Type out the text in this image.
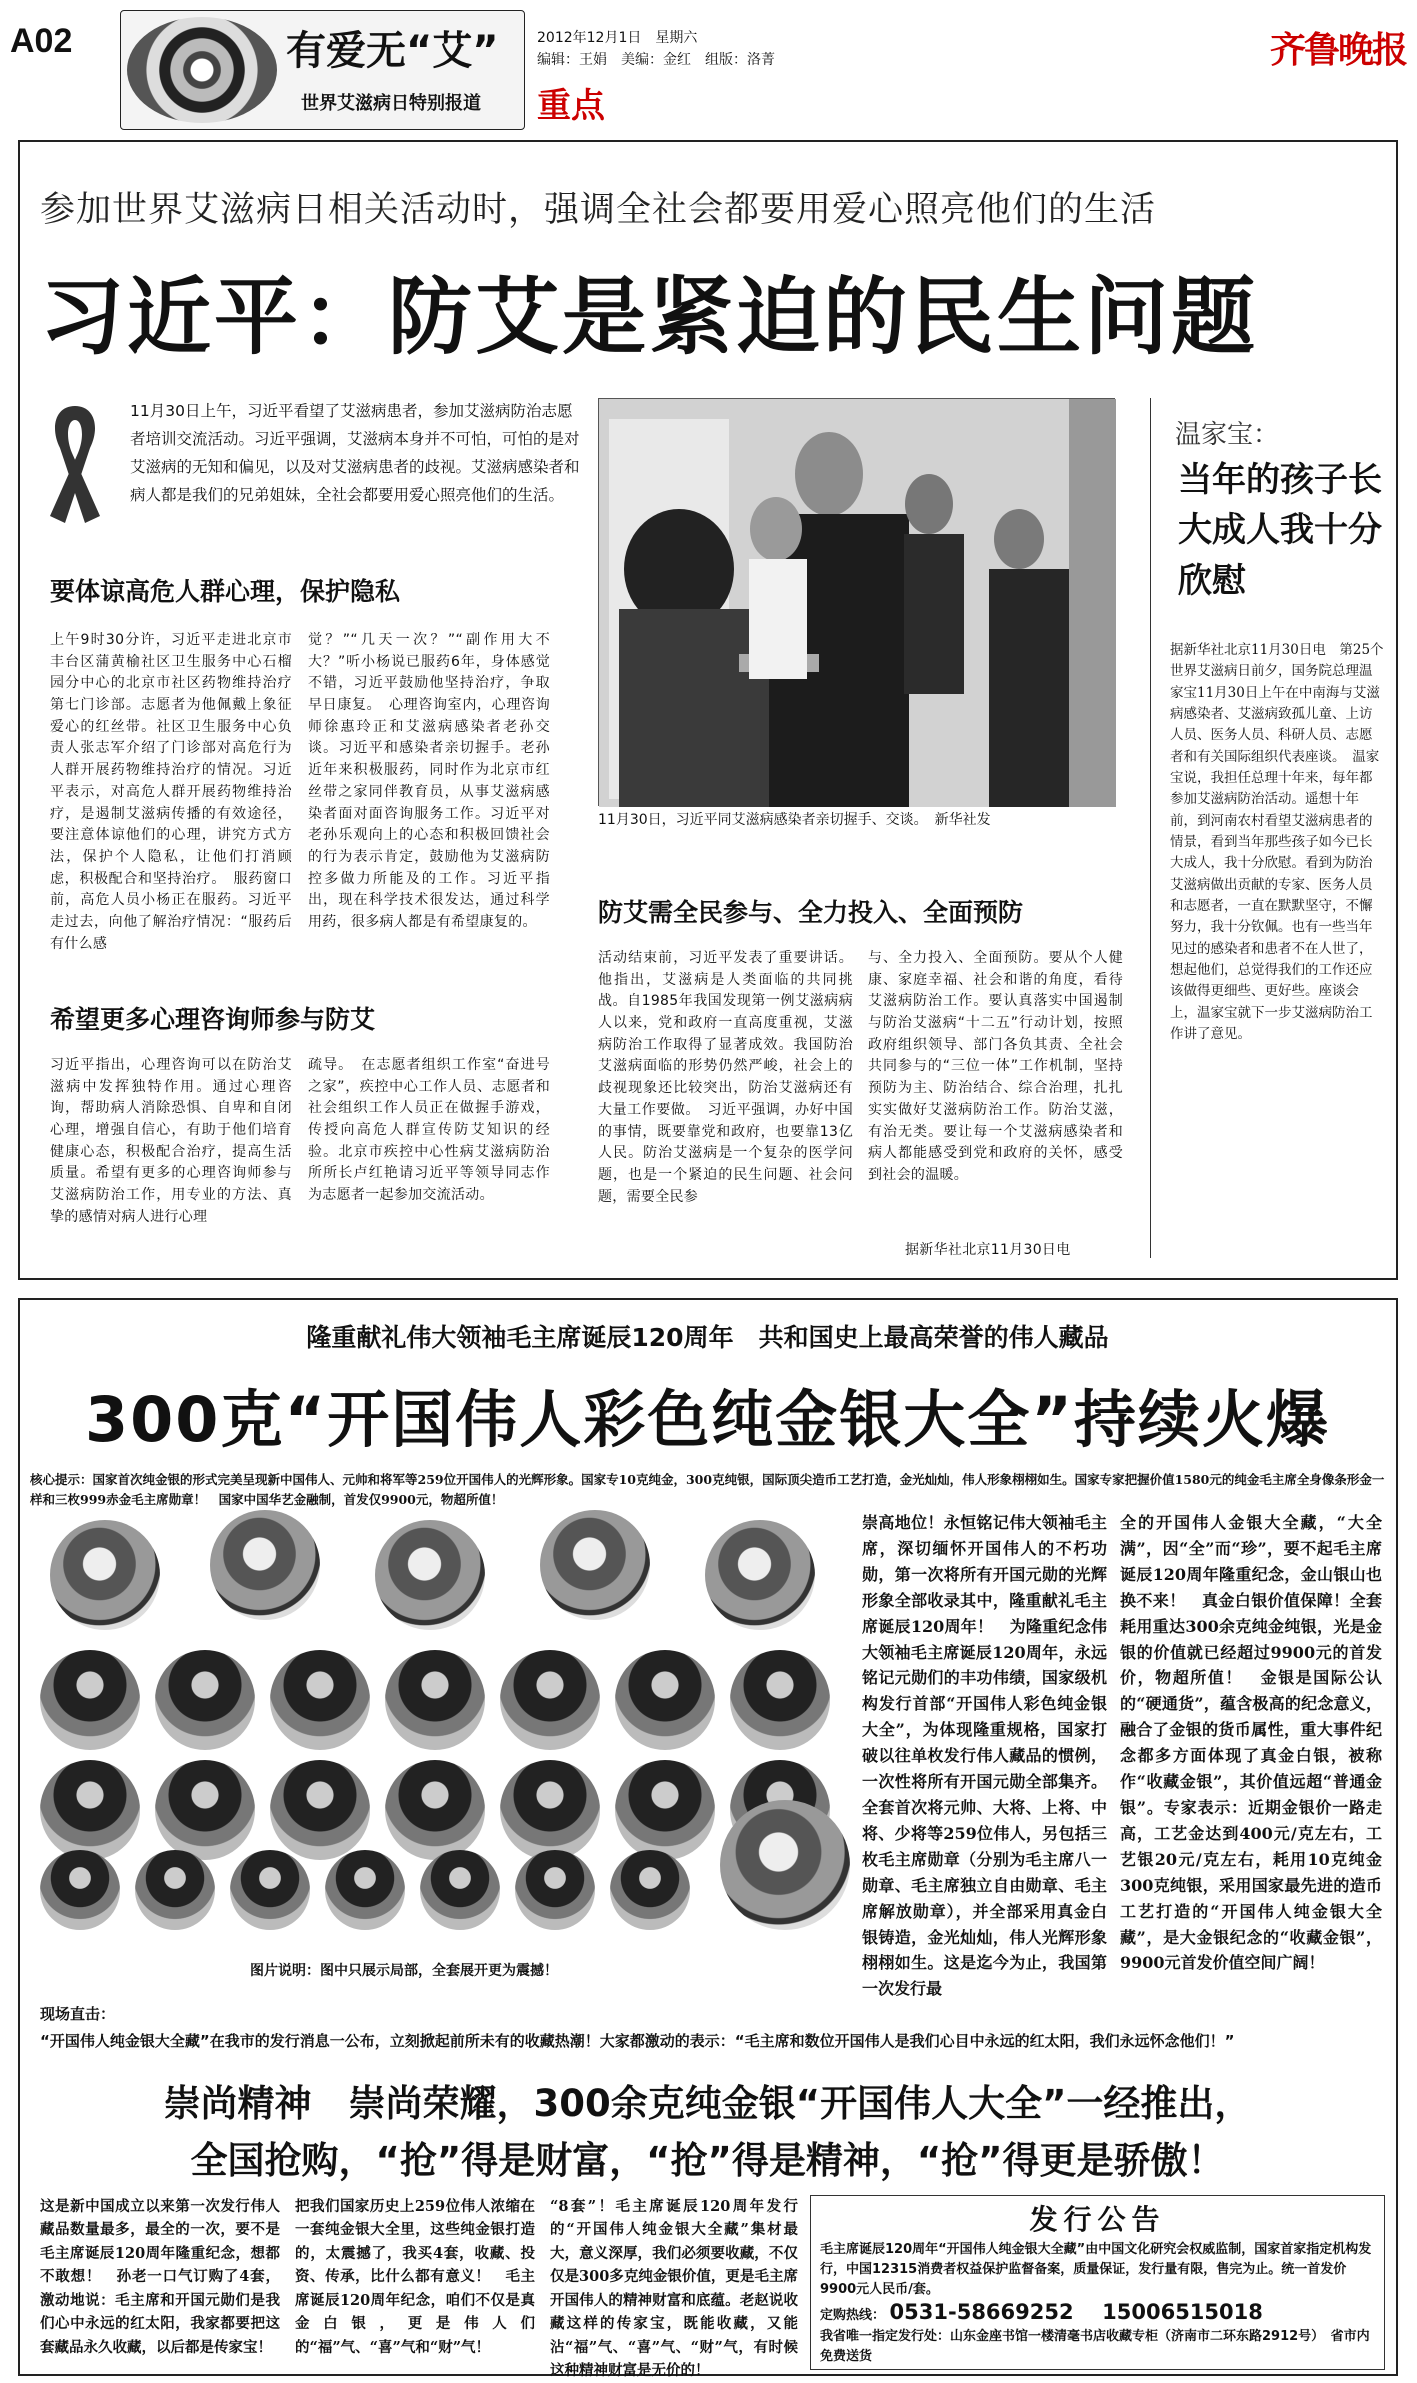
A02	有爱无“艾”
世界艾滋病日特别报道
2012年12月1日　星期六
编辑：王娟　美编：金红　组版：洛菁
重点
齐鲁晚报
参加世界艾滋病日相关活动时，强调全社会都要用爱心照亮他们的生活
习近平：防艾是紧迫的民生问题

11月30日上午，习近平看望了艾滋病患者，参加艾滋病防治志愿者培训交流活动。习近平强调，艾滋病本身并不可怕，可怕的是对艾滋病的无知和偏见，以及对艾滋病患者的歧视。艾滋病感染者和病人都是我们的兄弟姐妹，全社会都要用爱心照亮他们的生活。

要体谅高危人群心理，保护隐私

上午9时30分许，习近平走进北京市丰台区蒲黄榆社区卫生服务中心石榴园分中心的北京市社区药物维持治疗第七门诊部。志愿者为他佩戴上象征爱心的红丝带。社区卫生服务中心负责人张志军介绍了门诊部对高危行为人群开展药物维持治疗的情况。习近平表示，对高危人群开展药物维持治疗，是遏制艾滋病传播的有效途径，要注意体谅他们的心理，讲究方式方法，保护个人隐私，让他们打消顾虑，积极配合和坚持治疗。　服药窗口前，高危人员小杨正在服药。习近平走过去，向他了解治疗情况：“服药后有什么感

觉？”“几天一次？”“副作用大不大？”听小杨说已服药6年，身体感觉不错，习近平鼓励他坚持治疗，争取早日康复。　心理咨询室内，心理咨询师徐惠玲正和艾滋病感染者老孙交谈。习近平和感染者亲切握手。老孙近年来积极服药，同时作为北京市红丝带之家同伴教育员，从事艾滋病感染者面对面咨询服务工作。习近平对老孙乐观向上的心态和积极回馈社会的行为表示肯定，鼓励他为艾滋病防控多做力所能及的工作。习近平指出，现在科学技术很发达，通过科学用药，很多病人都是有希望康复的。

希望更多心理咨询师参与防艾

习近平指出，心理咨询可以在防治艾滋病中发挥独特作用。通过心理咨询，帮助病人消除恐惧、自卑和自闭心理，增强自信心，有助于他们培育健康心态，积极配合治疗，提高生活质量。希望有更多的心理咨询师参与艾滋病防治工作，用专业的方法、真挚的感情对病人进行心理

疏导。　在志愿者组织工作室“奋进号之家”，疾控中心工作人员、志愿者和社会组织工作人员正在做握手游戏，传授向高危人群宣传防艾知识的经验。北京市疾控中心性病艾滋病防治所所长卢红艳请习近平等领导同志作为志愿者一起参加交流活动。

11月30日，习近平同艾滋病感染者亲切握手、交谈。　新华社发
防艾需全民参与、全力投入、全面预防

活动结束前，习近平发表了重要讲话。他指出，艾滋病是人类面临的共同挑战。自1985年我国发现第一例艾滋病病人以来，党和政府一直高度重视，艾滋病防治工作取得了显著成效。我国防治艾滋病面临的形势仍然严峻，社会上的歧视现象还比较突出，防治艾滋病还有大量工作要做。　习近平强调，办好中国的事情，既要靠党和政府，也要靠13亿人民。防治艾滋病是一个复杂的医学问题，也是一个紧迫的民生问题、社会问题，需要全民参

与、全力投入、全面预防。要从个人健康、家庭幸福、社会和谐的角度，看待艾滋病防治工作。要认真落实中国遏制与防治艾滋病“十二五”行动计划，按照政府组织领导、部门各负其责、全社会共同参与的“三位一体”工作机制，坚持预防为主、防治结合、综合治理，扎扎实实做好艾滋病防治工作。防治艾滋，有治无类。要让每一个艾滋病感染者和病人都能感受到党和政府的关怀，感受到社会的温暖。

据新华社北京11月30日电
温家宝：
当年的孩子长大成人我十分欣慰

据新华社北京11月30日电　第25个世界艾滋病日前夕，国务院总理温家宝11月30日上午在中南海与艾滋病感染者、艾滋病致孤儿童、上访人员、医务人员、科研人员、志愿者和有关国际组织代表座谈。　温家宝说，我担任总理十年来，每年都参加艾滋病防治活动。遥想十年前，到河南农村看望艾滋病患者的情景，看到当年那些孩子如今已长大成人，我十分欣慰。看到为防治艾滋病做出贡献的专家、医务人员和志愿者，一直在默默坚守，不懈努力，我十分钦佩。也有一些当年见过的感染者和患者不在人世了，想起他们，总觉得我们的工作还应该做得更细些、更好些。座谈会上，温家宝就下一步艾滋病防治工作讲了意见。

隆重献礼伟大领袖毛主席诞辰120周年　共和国史上最高荣誉的伟人藏品
300克“开国伟人彩色纯金银大全”持续火爆

核心提示：国家首次纯金银的形式完美呈现新中国伟人、元帅和将军等259位开国伟人的光辉形象。国家专10克纯金，300克纯银，国际顶尖造币工艺打造，金光灿灿，伟人形象栩栩如生。国家专家把握价值1580元的纯金毛主席全身像条形金一样和三枚999赤金毛主席勋章！　国家中国华艺金融制，首发仅9900元，物超所值！

图片说明：图中只展示局部，全套展开更为震撼！

崇高地位！永恒铭记伟大领袖毛主席，深切缅怀开国伟人的不朽功勋，第一次将所有开国元勋的光辉形象全部收录其中，隆重献礼毛主席诞辰120周年！　为隆重纪念伟大领袖毛主席诞辰120周年，永远铭记元勋们的丰功伟绩，国家级机构发行首部“开国伟人彩色纯金银大全”，为体现隆重规格，国家打破以往单枚发行伟人藏品的惯例，一次性将所有开国元勋全部集齐。全套首次将元帅、大将、上将、中将、少将等259位伟人，另包括三枚毛主席勋章（分别为毛主席八一勋章、毛主席独立自由勋章、毛主席解放勋章），并全部采用真金白银铸造，金光灿灿，伟人光辉形象栩栩如生。这是迄今为止，我国第一次发行最

全的开国伟人金银大全藏，“大全满”，因“全”而“珍”，要不起毛主席诞辰120周年隆重纪念，金山银山也换不来！　真金白银价值保障！全套耗用重达300余克纯金纯银，光是金银的价值就已经超过9900元的首发价，物超所值！　金银是国际公认的“硬通货”，蕴含极高的纪念意义，融合了金银的货币属性，重大事件纪念都多方面体现了真金白银，被称作“收藏金银”，其价值远超“普通金银”。专家表示：近期金银价一路走高，工艺金达到400元/克左右，工艺银20元/克左右，耗用10克纯金300克纯银，采用国家最先进的造币工艺打造的“开国伟人纯金银大全藏”，是大金银纪念的“收藏金银”，9900元首发价值空间广阔！

现场直击：

“开国伟人纯金银大全藏”在我市的发行消息一公布，立刻掀起前所未有的收藏热潮！大家都激动的表示：“毛主席和数位开国伟人是我们心目中永远的红太阳，我们永远怀念他们！”

崇尚精神　崇尚荣耀，300余克纯金银“开国伟人大全”一经推出，
全国抢购，“抢”得是财富，“抢”得是精神，“抢”得更是骄傲！

这是新中国成立以来第一次发行伟人藏品数量最多，最全的一次，要不是毛主席诞辰120周年隆重纪念，想都不敢想！　孙老一口气订购了4套，激动地说：毛主席和开国元勋们是我们心中永远的红太阳，我家都要把这套藏品永久收藏，以后都是传家宝！

把我们国家历史上259位伟人浓缩在一套纯金银大全里，这些纯金银打造的，太震撼了，我买4套，收藏、投资、传承，比什么都有意义！　毛主席诞辰120周年纪念，咱们不仅是真金白银，更是伟人们的“福”气、“喜”气和“财”气！

“8套”！毛主席诞辰120周年发行的“开国伟人纯金银大全藏”集材最大，意义深厚，我们必须要收藏，不仅仅是300多克纯金银价值，更是毛主席开国伟人的精神财富和底蕴。老赵说收藏这样的传家宝，既能收藏，又能沾“福”气、“喜”气、“财”气，有时候这种精神财富是无价的！

发行公告
毛主席诞辰120周年“开国伟人纯金银大全藏”由中国文化研究会权威监制，国家首家指定机构发行，中国12315消费者权益保护监督备案，质量保证，发行量有限，售完为止。统一首发价9900元人民币/套。
定购热线： 0531-58669252 15006515018
我省唯一指定发行处：山东金座书馆一楼清毫书店收藏专柜（济南市二环东路2912号）　省市内免费送货
